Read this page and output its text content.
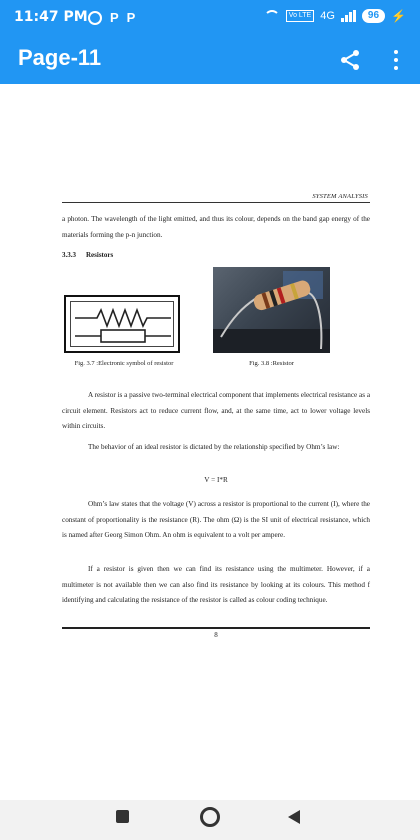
11:47 PM P P	Vo LTE 4G	96	⚡
Page-11
SYSTEM ANALYSIS

a photon. The wavelength of the light emitted, and thus its colour, depends on the band gap energy of the materials forming the p-n junction.

3.3.3 Resistors
Fig. 3.7 :Electronic symbol of resistor	Fig. 3.8 :Resistor

A resistor is a passive two-terminal electrical component that implements electrical resistance as a circuit element. Resistors act to reduce current flow, and, at the same time, act to lower voltage levels within circuits.

The behavior of an ideal resistor is dictated by the relationship specified by Ohm’s law:

V = I*R

Ohm’s law states that the voltage (V) across a resistor is proportional to the current (I), where the constant of proportionality is the resistance (R). The ohm (Ω) is the SI unit of electrical resistance, which is named after Georg Simon Ohm. An ohm is equivalent to a volt per ampere.

If a resistor is given then we can find its resistance using the multimeter. However, if a multimeter is not available then we can also find its resistance by looking at its colours. This method f identifying and calculating the resistance of the resistor is called as colour coding technique.

8
